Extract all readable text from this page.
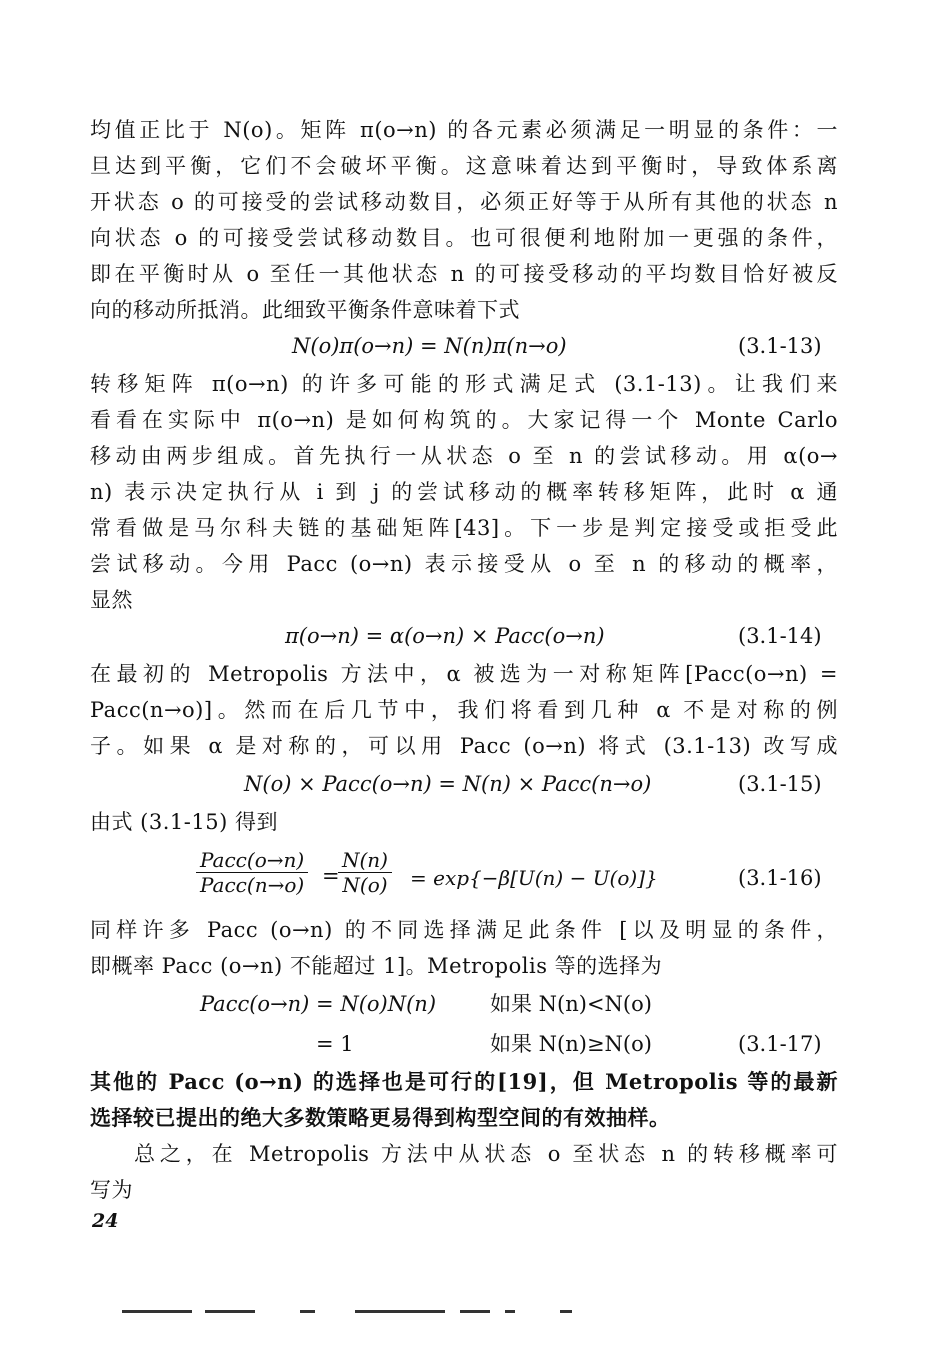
均值正比于 N(o)。矩阵 π(o→n) 的各元素必须满足一明显的条件：一
旦达到平衡，它们不会破坏平衡。这意味着达到平衡时，导致体系离
开状态 o 的可接受的尝试移动数目，必须正好等于从所有其他的状态 n
向状态 o 的可接受尝试移动数目。也可很便利地附加一更强的条件，
即在平衡时从 o 至任一其他状态 n 的可接受移动的平均数目恰好被反
向的移动所抵消。此细致平衡条件意味着下式
N(o)π(o→n) = N(n)π(n→o)	(3.1-13)
转移矩阵 π(o→n) 的许多可能的形式满足式 (3.1-13)。让我们来
看看在实际中 π(o→n) 是如何构筑的。大家记得一个 Monte Carlo
移动由两步组成。首先执行一从状态 o 至 n 的尝试移动。用 α(o→
n) 表示决定执行从 i 到 j 的尝试移动的概率转移矩阵，此时 α 通
常看做是马尔科夫链的基础矩阵[43]。下一步是判定接受或拒受此
尝试移动。今用 Pacc (o→n) 表示接受从 o 至 n 的移动的概率，
显然
π(o→n) = α(o→n) × Pacc(o→n)	(3.1-14)
在最初的 Metropolis 方法中，α 被选为一对称矩阵[Pacc(o→n) =
Pacc(n→o)]。然而在后几节中，我们将看到几种 α 不是对称的例
子。如果 α 是对称的，可以用 Pacc (o→n) 将式 (3.1-13) 改写成
N(o) × Pacc(o→n) = N(n) × Pacc(n→o)	(3.1-15)
由式 (3.1-15) 得到
Pacc(o→n)
Pacc(n→o) =
$\frac{N(n)}{N(o)} = \exp\{-\beta[U(n) - U(o)]\}$	(3.1-16)
同样许多 Pacc (o→n) 的不同选择满足此条件 [以及明显的条件，
即概率 Pacc (o→n) 不能超过 1]。Metropolis 等的选择为
Pacc(o→n) = N(o)N(n)	如果 N(n)<N(o)
= 1	如果 N(n)≥N(o)	(3.1-17)
其他的 Pacc (o→n) 的选择也是可行的[19]，但 Metropolis 等的最新
选择较已提出的绝大多数策略更易得到构型空间的有效抽样。
总之，在 Metropolis 方法中从状态 o 至状态 n 的转移概率可
写为
24
